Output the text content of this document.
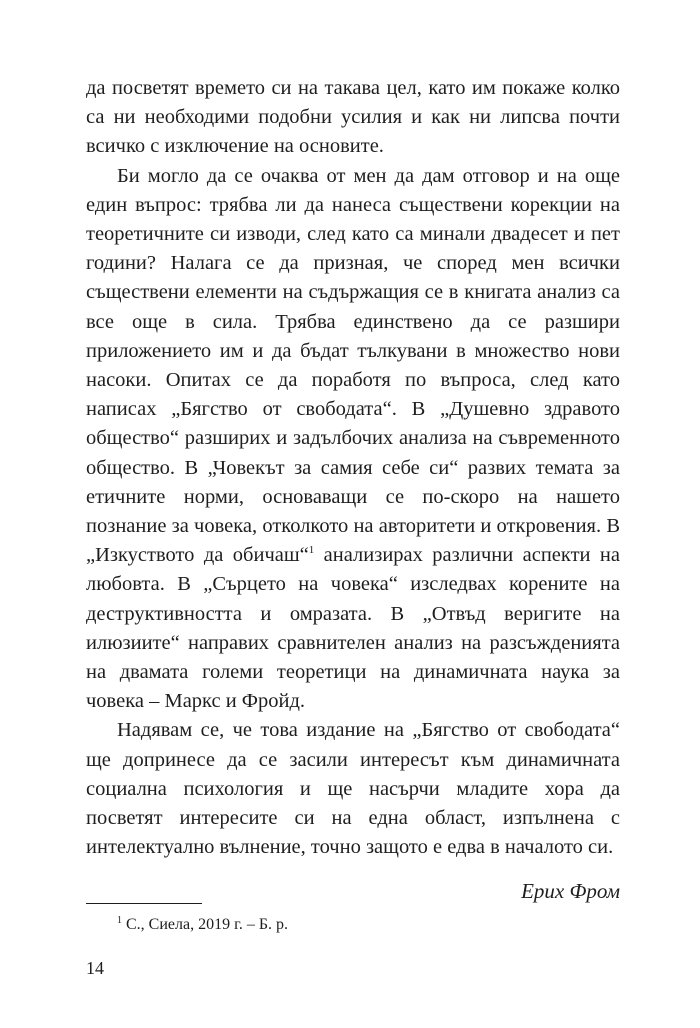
да посветят времето си на такава цел, като им покаже колко са ни необходими подобни усилия и как ни липсва почти всичко с изключение на основите.

Би могло да се очаква от мен да дам отговор и на още един въпрос: трябва ли да нанеса съществени корекции на теоретичните си изводи, след като са минали двадесет и пет години? Налага се да призная, че според мен всички съществени елементи на съдържащия се в книгата анализ са все още в сила. Трябва единствено да се разшири приложението им и да бъдат тълкувани в множество нови насоки. Опитах се да поработя по въпроса, след като написах „Бягство от свободата“. В „Душевно здравото общество“ разширих и задълбочих анализа на съвременното общество. В „Човекът за самия себе си“ развих темата за етичните норми, основаващи се по-скоро на нашето познание за човека, отколкото на авторитети и откровения. В „Изкуството да обичаш“$^1$ анализирах различни аспекти на любовта. В „Сърцето на човека“ изследвах корените на деструктивността и омразата. В „Отвъд веригите на илюзиите“ направих сравнителен анализ на разсъжденията на двамата големи теоретици на динамичната наука за човека – Маркс и Фройд.

Надявам се, че това издание на „Бягство от свободата“ ще допринесе да се засили интересът към динамичната социална психология и ще насърчи младите хора да посветят интересите си на една област, изпълнена с интелектуално вълнение, точно защото е едва в началото си.

Ерих Фром
$^1$ С., Сиела, 2019 г. – Б. р.
14
